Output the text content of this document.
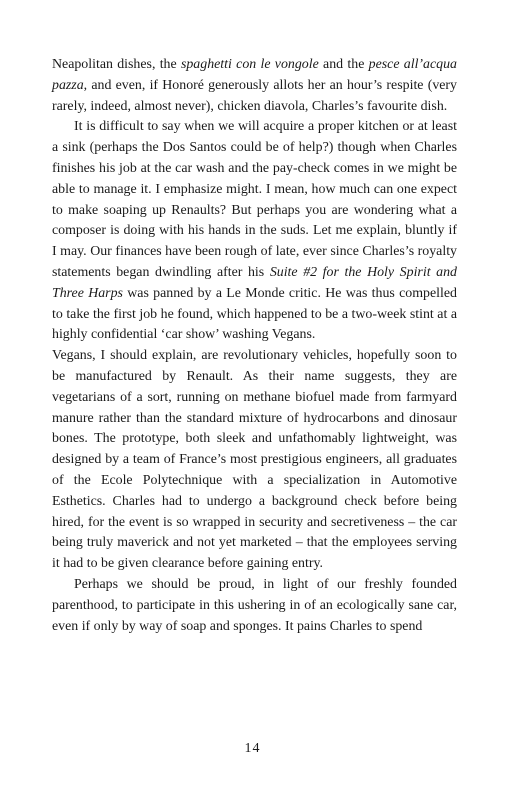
Neapolitan dishes, the spaghetti con le vongole and the pesce all’acqua pazza, and even, if Honoré generously allots her an hour’s respite (very rarely, indeed, almost never), chicken diavola, Charles’s favourite dish.

It is difficult to say when we will acquire a proper kitchen or at least a sink (perhaps the Dos Santos could be of help?) though when Charles finishes his job at the car wash and the pay-check comes in we might be able to manage it. I emphasize might. I mean, how much can one expect to make soaping up Renaults? But perhaps you are wondering what a composer is doing with his hands in the suds. Let me explain, bluntly if I may. Our finances have been rough of late, ever since Charles’s royalty statements began dwindling after his Suite #2 for the Holy Spirit and Three Harps was panned by a Le Monde critic. He was thus compelled to take the first job he found, which happened to be a two-week stint at a highly confidential ‘car show’ washing Vegans.

Vegans, I should explain, are revolutionary vehicles, hopefully soon to be manufactured by Renault. As their name suggests, they are vegetarians of a sort, running on methane biofuel made from farmyard manure rather than the standard mixture of hydrocarbons and dinosaur bones. The prototype, both sleek and unfathomably lightweight, was designed by a team of France’s most prestigious engineers, all graduates of the Ecole Polytechnique with a specialization in Automotive Esthetics. Charles had to undergo a background check before being hired, for the event is so wrapped in security and secretiveness – the car being truly maverick and not yet marketed – that the employees serving it had to be given clearance before gaining entry.

Perhaps we should be proud, in light of our freshly founded parenthood, to participate in this ushering in of an ecologically sane car, even if only by way of soap and sponges. It pains Charles to spend

14
